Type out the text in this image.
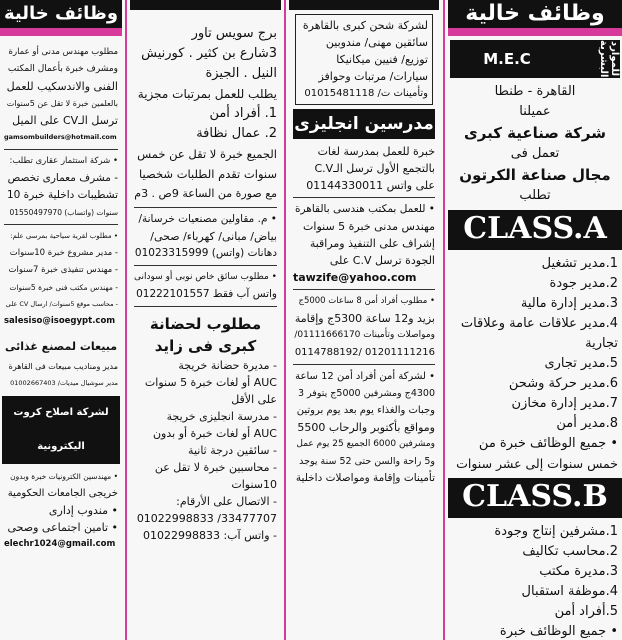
وظائف خالية
M.E.C	للموارد البشرية
القاهرة - طنطا
عميلنا
شركة صناعية كبرى
تعمل فى
مجال صناعة الكرتون
تطلب
CLASS.A
1.مدير تشغيل
2.مدير جودة
3.مدير إدارة مالية
4.مدير علاقات عامة وعلاقات
تجارية
5.مدير تجارى
6.مدير حركة وشحن
7.مدير إدارة مخازن
8.مدير أمن
• جميع الوظائف خبرة من
خمس سنوات إلى عشر سنوات
CLASS.B
1.مشرفين إنتاج وجودة
2.محاسب تكاليف
3.مديرة مكتب
4.موظفة استقبال
5.أفراد أمن
• جميع الوظائف خبرة
لشركة شحن كبرى بالقاهرة
سائقين مهنى/ مندوبين
توزيع/ فنيين ميكانيكا
سيارات/ مرتبات وحوافز
وتأمينات ت/ 01015481118
مدرسين انجليزى
خبرة للعمل بمدرسة لغات
بالتجمع الأول ترسل الـC.V
على واتس 01144330011
• للعمل بمكتب هندسى بالقاهرة
مهندس مدنى خبرة 5 سنوات
إشراف على التنفيذ ومراقبة
الجودة ترسل C.V على
tawzife@yahoo.com
• مطلوب أفراد أمن 8 ساعات 5000ج
بزيد و12 ساعة 5300ج وإقامة
ومواصلات وتأمينات 01111666170/
01201111216 /0114788192
• لشركة أمن أفراد أمن 12 ساعة
4300ج ومشرفين 5000ج يتوفر 3
وجبات والغذاء يوم بعد يوم بروتين
ومواقع بأكتوبر والرحاب 5500
ومشرفين 6000 الجميع 25 يوم عمل
و5 راحة والسن حتى 52 سنة يوجد
تأمينات وإقامة ومواصلات داخلية
برج سويس تاور
3شارع بن كثير . كورنيش
النيل . الجيزة
يطلب للعمل بمرتبات مجزية
1. أفراد أمن
2. عمال نظافة
الجميع خبرة لا تقل عن خمس
سنوات تقدم الطلبات شخصيا
مع صورة من الساعة 9ص . 3م
• م. مقاولين مصنعيات خرسانة/
بياض/ مبانى/ كهرباء/ صحى/
دهانات (واتس) 01023315999
• مطلوب سائق خاص نوبى أو سودانى
واتس آب فقط 01222101557
مطلوب لحضانة
كبرى فى زايد
- مديرة حضانة خريجة
AUC أو لغات خبرة 5 سنوات
على الأقل
- مدرسة انجليزى خريجة
AUC أو لغات خبرة أو بدون
- سائقين درجة ثانية
- محاسبين خبرة لا تقل عن
10سنوات
- الاتصال على الأرقام:
33477707/ 01022998833
- واتس آب: 01022998833
وظائف خالية
مطلوب مهندس مدنى أو عمارة
ومشرف خبرة بأعمال المكتب
الفنى والاندسكيب للعمل
بالعلمين خبرة لا تقل عن 5سنوات
ترسل الـCV على الميل
gamsombuilders@hotmail.com
• شركة استثمار عقارى تطلب:
- مشرف معمارى تخصص
تشطيبات داخلية خبرة 10
سنوات (واتساب) 01550497970
• مطلوب لقرية سياحية بمرسى علم:
- مدير مشروع خبرة 10سنوات
- مهندس تنفيذى خبرة 7سنوات
- مهندس مكتب فنى خبرة 5سنوات
- محاسب موقع 5سنوات/ ارسال CV على
salesiso@isoegypt.com
مبيعات لمصنع غذائى
مدير ومناديب مبيعات فى القاهرة
مدير سوشيال ميديات/ 01002667403
لشركة اصلاح كروت اليكترونية
• مهندسين الكترونيات خبرة وبدون
خريجى الجامعات الحكومية
• مندوب إدارى
• تامين اجتماعى وصحى
elechr1024@gmail.com
